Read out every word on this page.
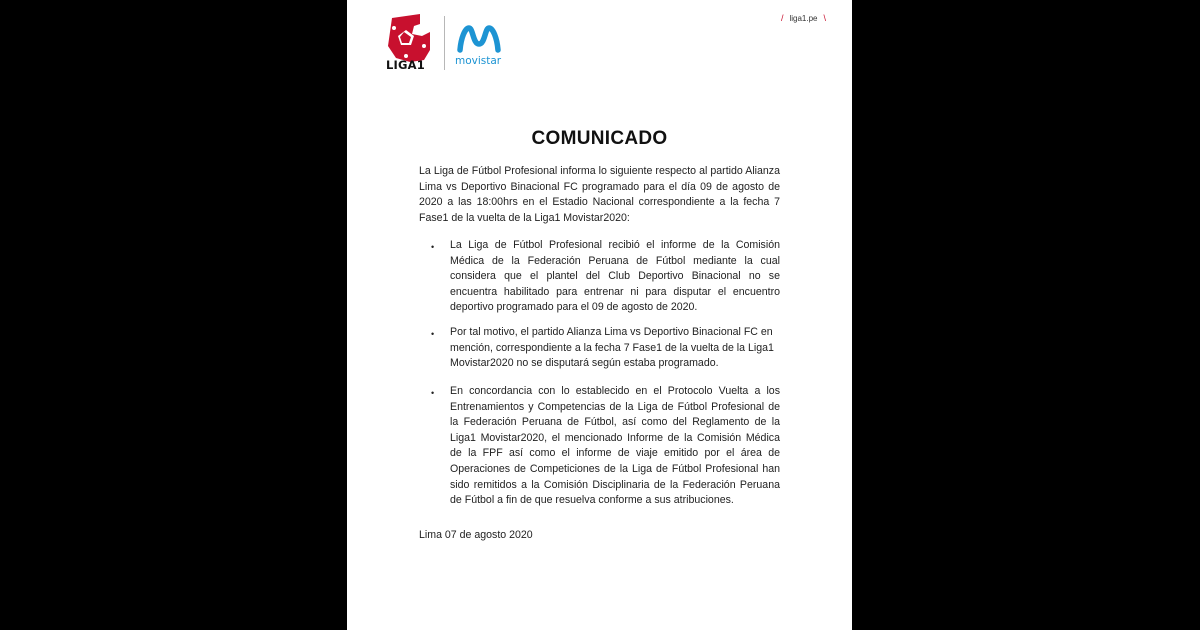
LIGA1	movistar
/ liga1.pe \
COMUNICADO

La Liga de Fútbol Profesional informa lo siguiente respecto al partido Alianza Lima vs Deportivo Binacional FC programado para el día 09 de agosto de 2020 a las 18:00hrs en el Estadio Nacional correspondiente a la fecha 7 Fase1 de la vuelta de la Liga1 Movistar2020:

• La Liga de Fútbol Profesional recibió el informe de la Comisión Médica de la Federación Peruana de Fútbol mediante la cual considera que el plantel del Club Deportivo Binacional no se encuentra habilitado para entrenar ni para disputar el encuentro deportivo programado para el 09 de agosto de 2020.

• Por tal motivo, el partido Alianza Lima vs Deportivo Binacional FC en mención, correspondiente a la fecha 7 Fase1 de la vuelta de la Liga1 Movistar2020 no se disputará según estaba programado.

• En concordancia con lo establecido en el Protocolo Vuelta a los Entrenamientos y Competencias de la Liga de Fútbol Profesional de la Federación Peruana de Fútbol, así como del Reglamento de la Liga1 Movistar2020, el mencionado Informe de la Comisión Médica de la FPF así como el informe de viaje emitido por el área de Operaciones de Competiciones de la Liga de Fútbol Profesional han sido remitidos a la Comisión Disciplinaria de la Federación Peruana de Fútbol a fin de que resuelva conforme a sus atribuciones.

Lima 07 de agosto 2020
